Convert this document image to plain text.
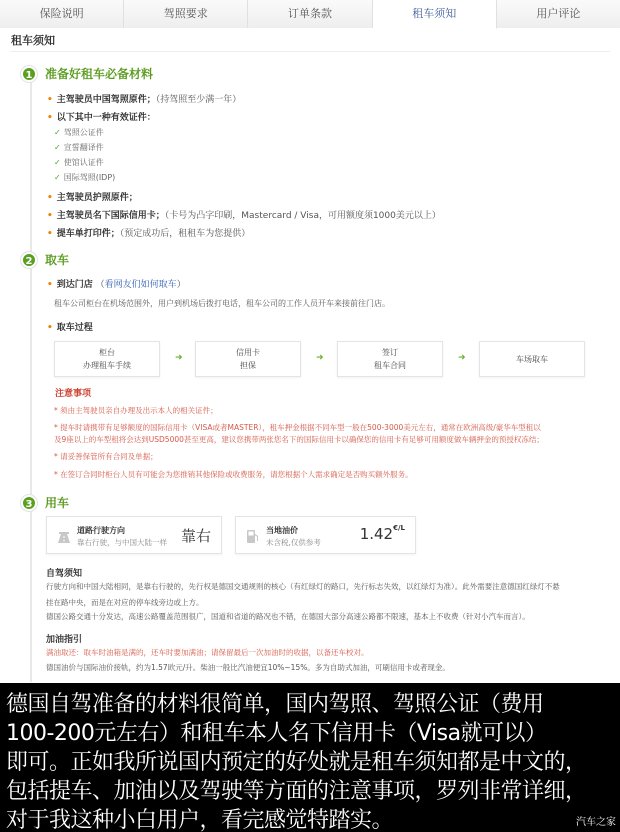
保险说明	驾照要求	订单条款	租车须知	用户评论
租车须知
1	准备好租车必备材料
• 主驾驶员中国驾照原件；（持驾照至少满一年）
• 以下其中一种有效证件：
✓ 驾照公证件
✓ 宣誓翻译件
✓ 使馆认证件
✓ 国际驾照(IDP)
• 主驾驶员护照原件；
• 主驾驶员名下国际信用卡；（卡号为凸字印刷，Mastercard / Visa，可用额度须1000美元以上）
• 提车单打印件；（预定成功后，租租车为您提供）
2	取车
• 到达门店 （看网友们如何取车）
租车公司柜台在机场范围外，用户到机场后拨打电话，租车公司的工作人员开车来接前往门店。
• 取车过程
柜台
办理租车手续
➜
信用卡
担保
➜
签订
租车合同
➜	车场取车
注意事项
* 须由主驾驶员亲自办理及出示本人的相关证件；
* 提车时请携带有足够额度的国际信用卡（VISA或者MASTER），租车押金根据不同车型一般在500-3000美元左右，通常在欧洲高级/豪华车型租以
及9座以上的车型租将会达到USD5000甚至更高，建议您携带两张您名下的国际信用卡以确保您的信用卡有足够可用额度做车辆押金的预授权冻结；
* 请妥善保管所有合同及单据；
* 在签订合同时柜台人员有可能会为您推销其他保险或收费服务，请您根据个人需求确定是否购买额外服务。
3	用车
道路行驶方向
靠右行驶，与中国大陆一样 靠右	当地油价
未含税,仅供参考	$1.42^{€/L}$
自驾须知
行驶方向和中国大陆相同，是靠右行驶的，先行权是德国交通规则的核心（有红绿灯的路口，先行标志失效，以红绿灯为准）。此外需要注意德国红绿灯不悬
挂在路中央，而是在对应的停车线旁边或上方。
德国公路交通十分发达，高速公路覆盖范围很广，国道和省道的路况也不错，在德国大部分高速公路都不限速，基本上不收费（针对小汽车而言）。
加油指引
满油取还：取车时油箱是满的，还车时要加满油；请保留最后一次加油时的收据，以备还车校对。
德国油价与国际油价接轨，约为1.57欧元/升。柴油一般比汽油便宜10%~15%。多为自助式加油，可刷信用卡或者现金。
德国自驾准备的材料很简单，国内驾照、驾照公证（费用
100-200元左右）和租车本人名下信用卡（Visa就可以）
即可。正如我所说国内预定的好处就是租车须知都是中文的，
包括提车、加油以及驾驶等方面的注意事项，罗列非常详细，
对于我这种小白用户，看完感觉特踏实。	汽车之家
